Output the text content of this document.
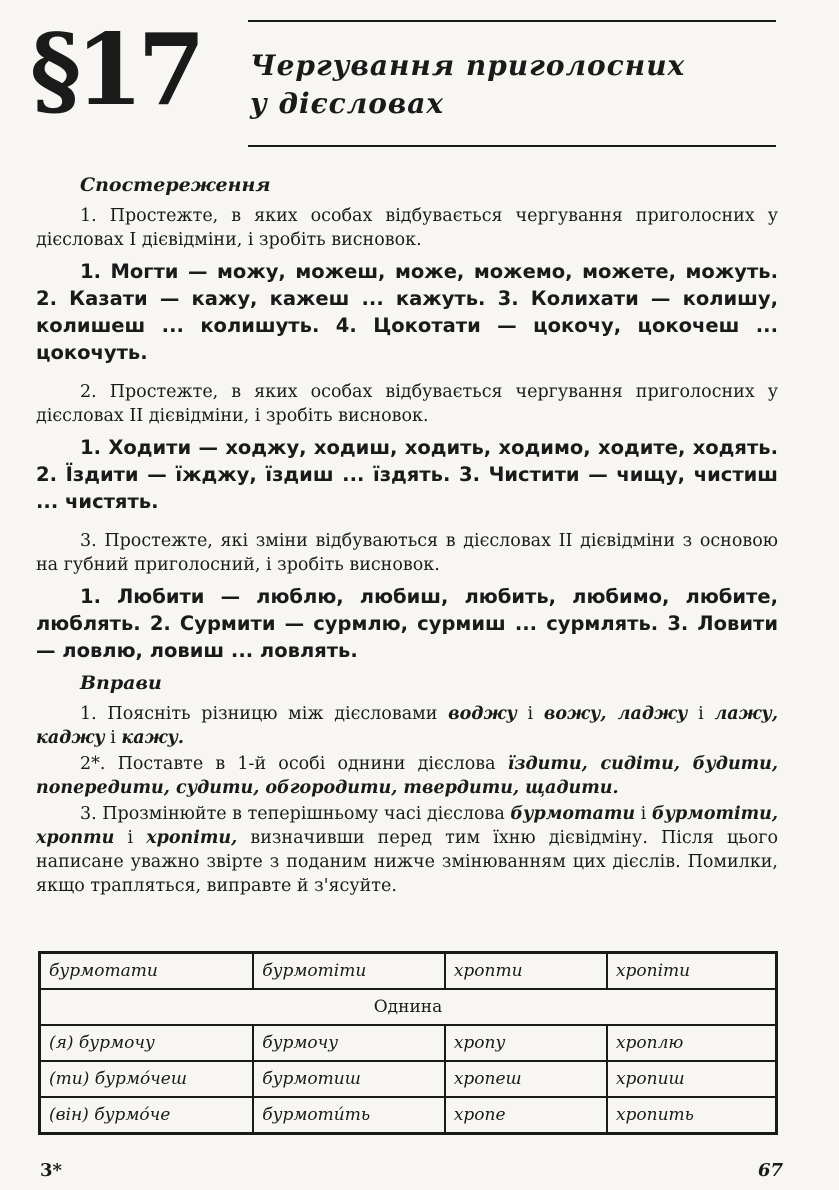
§17 Чергування приголосних
у дієсловах
Спостереження

1. Простежте, в яких особах відбувається чергування приголосних у дієсловах І дієвідміни, і зробіть висновок.

1. Могти — можу, можеш, може, можемо, можете, можуть. 2. Казати — кажу, кажеш ... кажуть. 3. Колихати — колишу, колишеш ... колишуть. 4. Цокотати — цокочу, цокочеш ... цокочуть.

2. Простежте, в яких особах відбувається чергування приголосних у дієсловах ІІ дієвідміни, і зробіть висновок.

1. Ходити — ходжу, ходиш, ходить, ходимо, ходите, ходять. 2. Їздити — їжджу, їздиш ... їздять. 3. Чистити — чищу, чистиш ... чистять.

3. Простежте, які зміни відбуваються в дієсловах ІІ дієвідміни з основою на губний приголосний, і зробіть висновок.

1. Любити — люблю, любиш, любить, любимо, любите, люблять. 2. Сурмити — сурмлю, сурмиш ... сурмлять. 3. Ловити — ловлю, ловиш ... ловлять.

Вправи

1. Поясніть різницю між дієсловами воджу і вожу, ладжу і лажу, каджу і кажу.

2*. Поставте в 1-й особі однини дієслова їздити, сидіти, будити, попередити, судити, обгородити, твердити, щадити.

3. Прозмінюйте в теперішньому часі дієслова бурмотати і бурмотіти, хропти і хропіти, визначивши перед тим їхню дієвідміну. Після цього написане уважно звірте з поданим нижче змінюванням цих дієслів. Помилки, якщо трапляться, виправте й з'ясуйте.

бурмотати	бурмотіти	хропти	хропіти
Однина			
(я) бурмочу	бурмочу	хропу	хроплю
(ти) бурмо́чеш	бурмотиш	хропеш	хропиш
(він) бурмо́че	бурмоти́ть	хропе	хропить
3*	67
